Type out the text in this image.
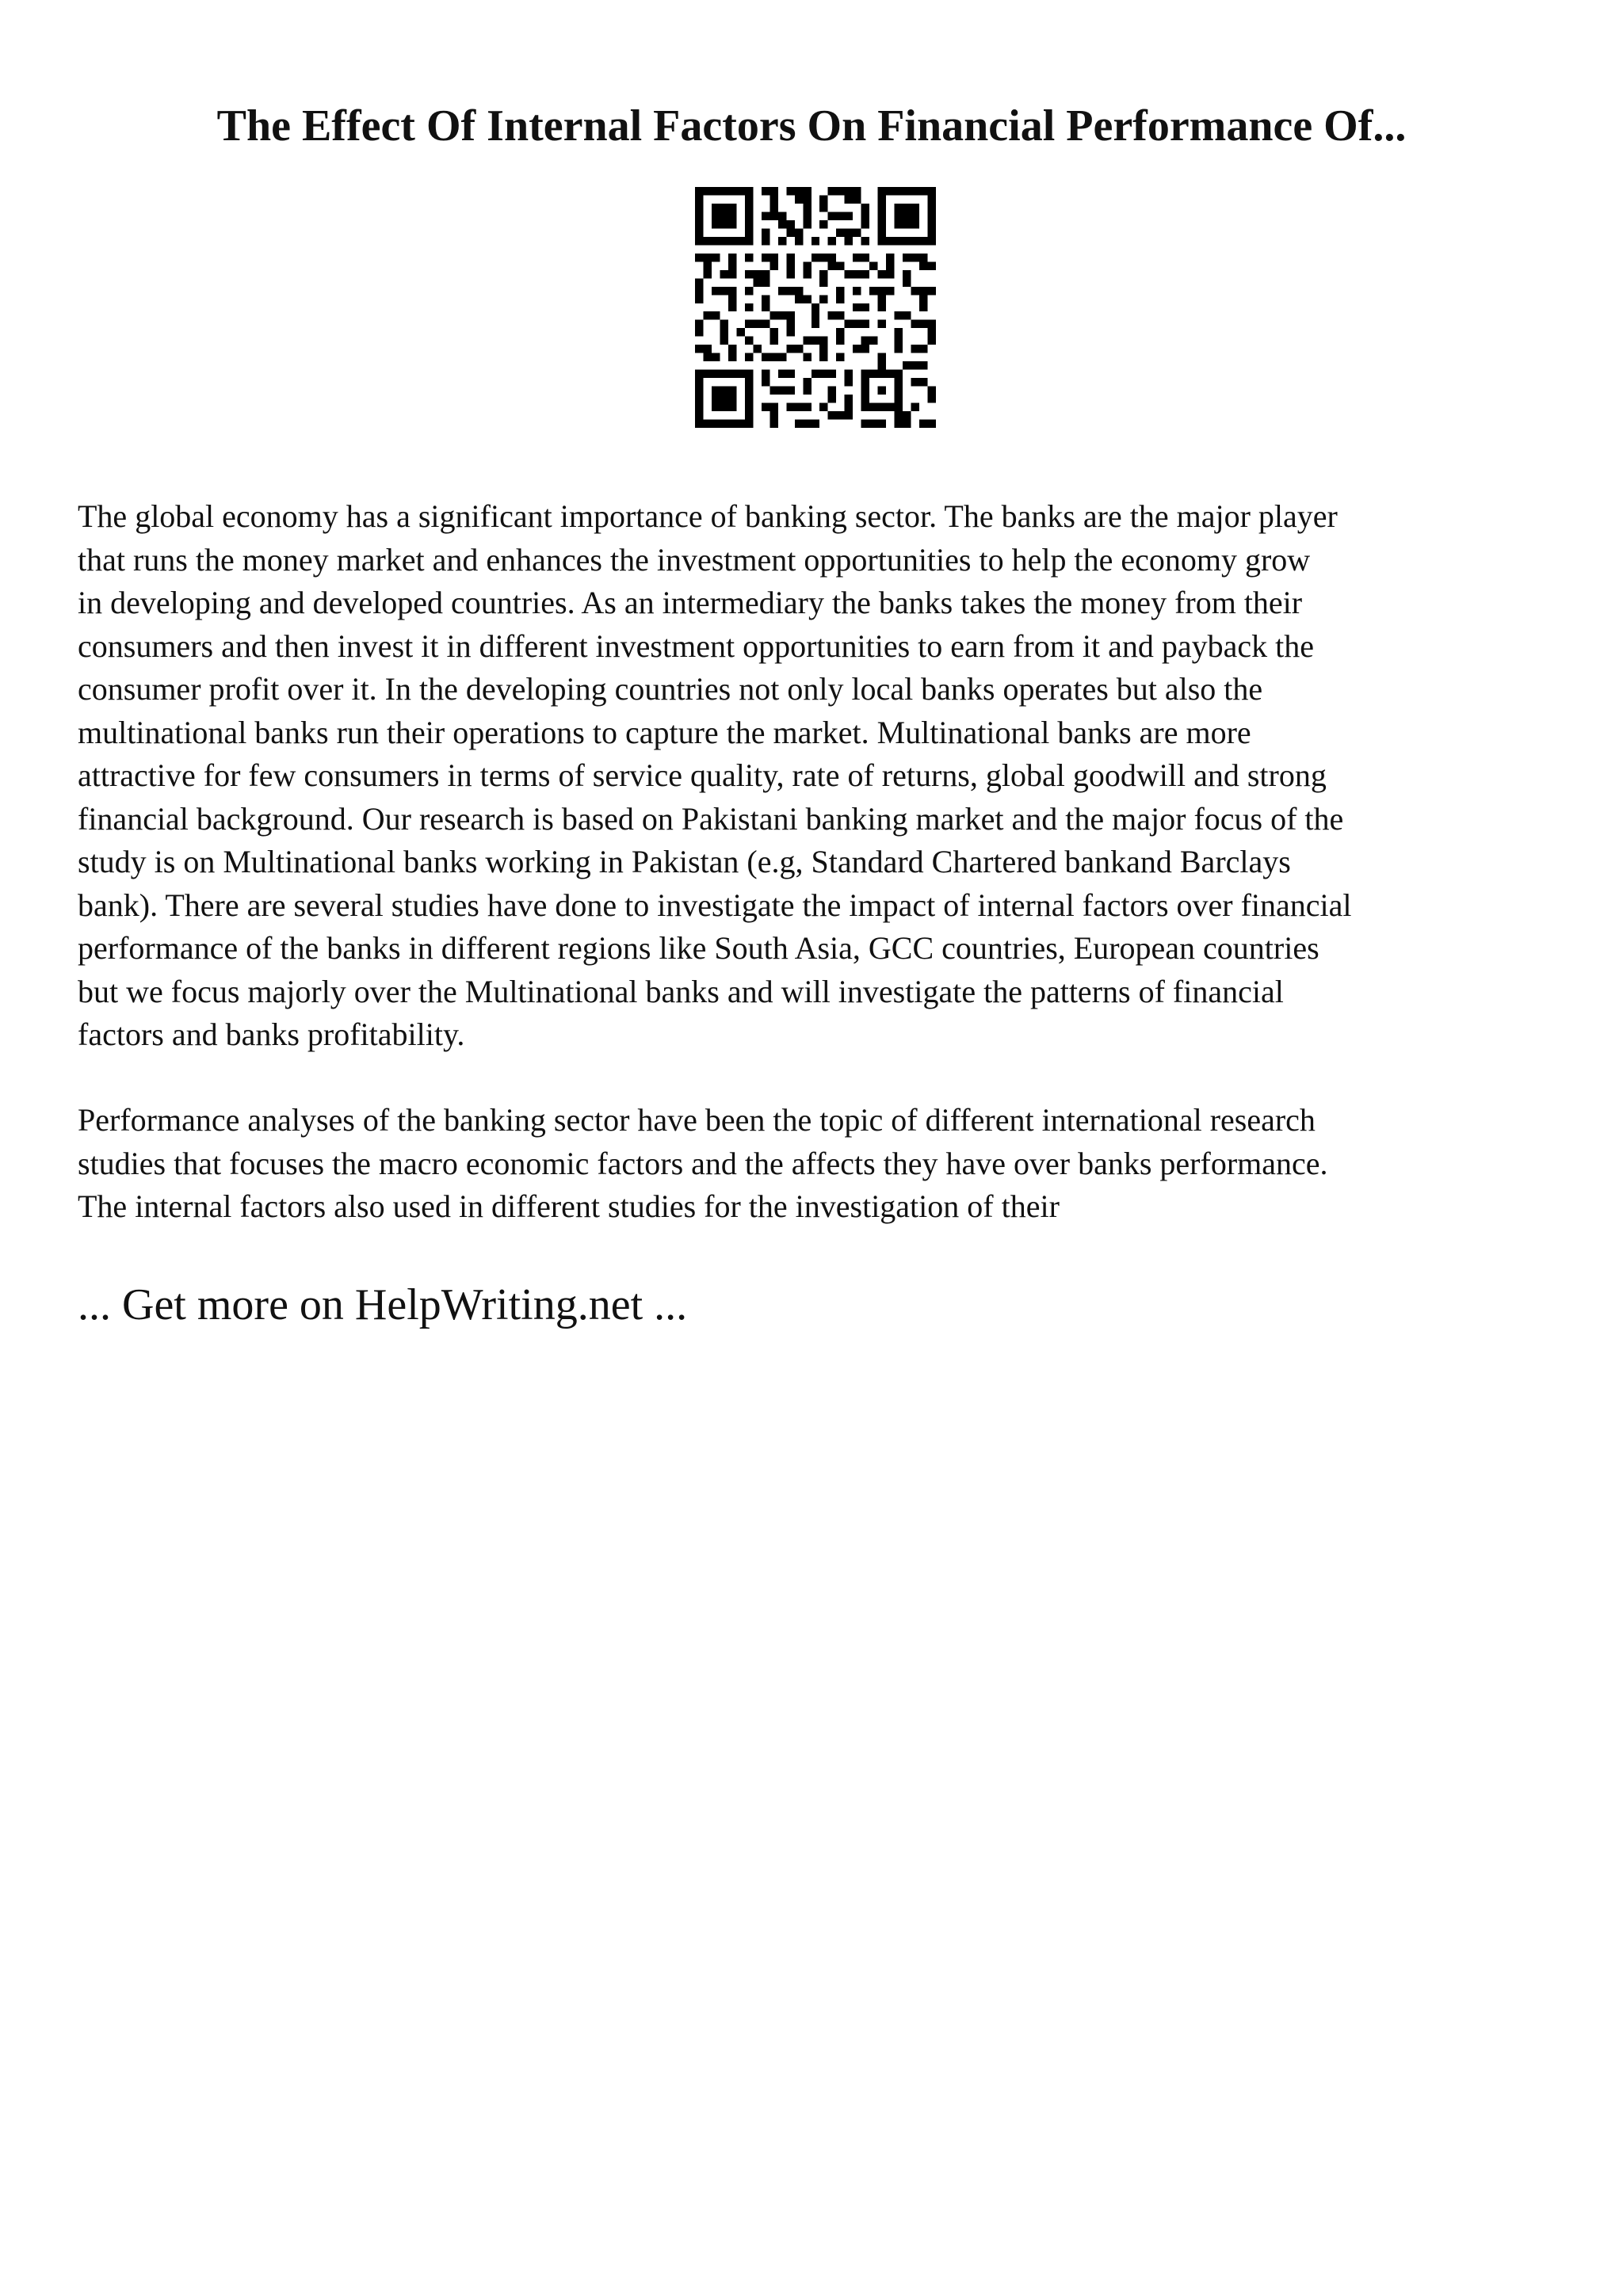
The Effect Of Internal Factors On Financial Performance Of...
The global economy has a significant importance of banking sector. The banks are the major player
that runs the money market and enhances the investment opportunities to help the economy grow
in developing and developed countries. As an intermediary the banks takes the money from their
consumers and then invest it in different investment opportunities to earn from it and payback the
consumer profit over it. In the developing countries not only local banks operates but also the
multinational banks run their operations to capture the market. Multinational banks are more
attractive for few consumers in terms of service quality, rate of returns, global goodwill and strong
financial background. Our research is based on Pakistani banking market and the major focus of the
study is on Multinational banks working in Pakistan (e.g, Standard Chartered bankand Barclays
bank). There are several studies have done to investigate the impact of internal factors over financial
performance of the banks in different regions like South Asia, GCC countries, European countries
but we focus majorly over the Multinational banks and will investigate the patterns of financial
factors and banks profitability.
Performance analyses of the banking sector have been the topic of different international research
studies that focuses the macro economic factors and the affects they have over banks performance.
The internal factors also used in different studies for the investigation of their
... Get more on HelpWriting.net ...
